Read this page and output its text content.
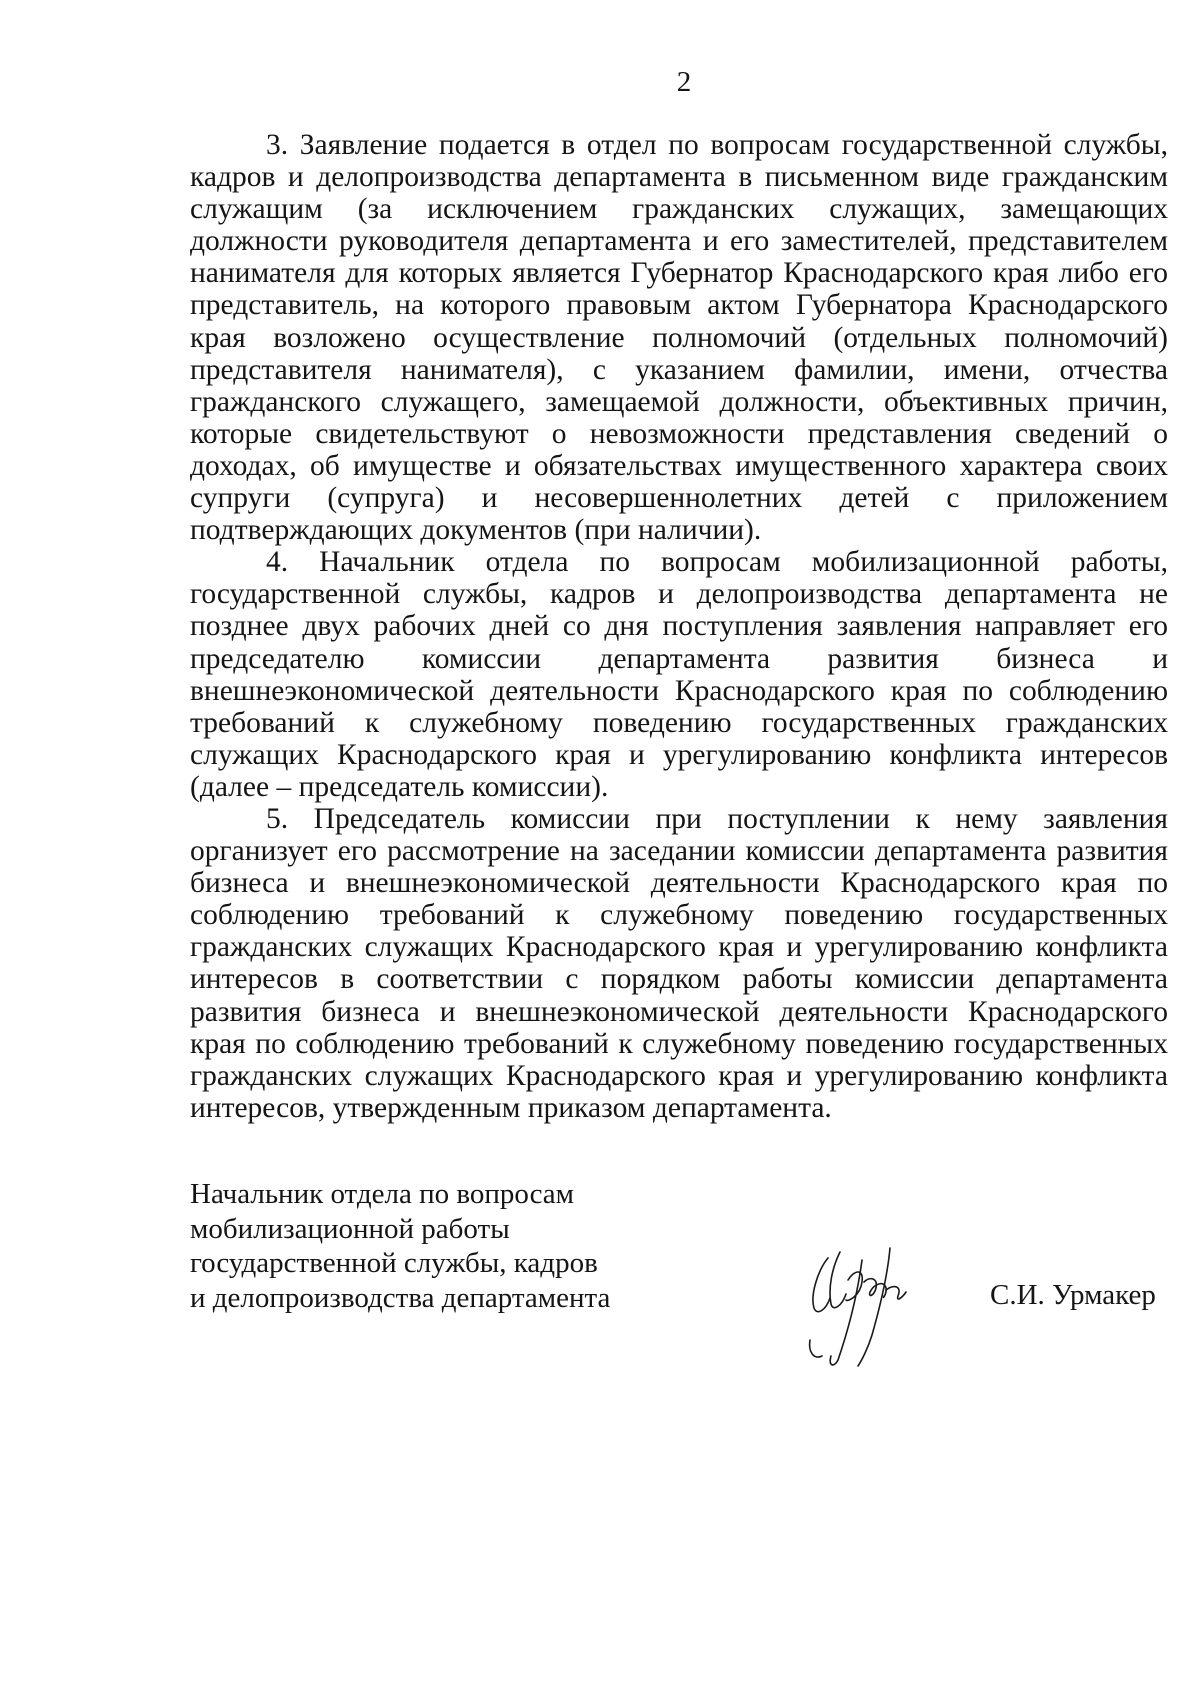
2

3. Заявление подается в отдел по вопросам государственной службы, кадров и делопроизводства департамента в письменном виде гражданским служащим (за исключением гражданских служащих, замещающих должности руководителя департамента и его заместителей, представителем нанимателя для которых является Губернатор Краснодарского края либо его представитель, на которого правовым актом Губернатора Краснодарского края возложено осуществление полномочий (отдельных полномочий) представителя нанимателя), с указанием фамилии, имени, отчества гражданского служащего, замещаемой должности, объективных причин, которые свидетельствуют о невозможности представления сведений о доходах, об имуществе и обязательствах имущественного характера своих супруги (супруга) и несовершеннолетних детей с приложением подтверждающих документов (при наличии).

4. Начальник отдела по вопросам мобилизационной работы, государственной службы, кадров и делопроизводства департамента не позднее двух рабочих дней со дня поступления заявления направляет его председателю комиссии департамента развития бизнеса и внешнеэкономической деятельности Краснодарского края по соблюдению требований к служебному поведению государственных гражданских служащих Краснодарского края и урегулированию конфликта интересов (далее – председатель комиссии).

5. Председатель комиссии при поступлении к нему заявления организует его рассмотрение на заседании комиссии департамента развития бизнеса и внешнеэкономической деятельности Краснодарского края по соблюдению требований к служебному поведению государственных гражданских служащих Краснодарского края и урегулированию конфликта интересов в соответствии с порядком работы комиссии департамента развития бизнеса и внешнеэкономической деятельности Краснодарского края по соблюдению требований к служебному поведению государственных гражданских служащих Краснодарского края и урегулированию конфликта интересов, утвержденным приказом департамента.

Начальник отдела по вопросам
мобилизационной работы
государственной службы, кадров
и делопроизводства департамента	С.И. Урмакер
